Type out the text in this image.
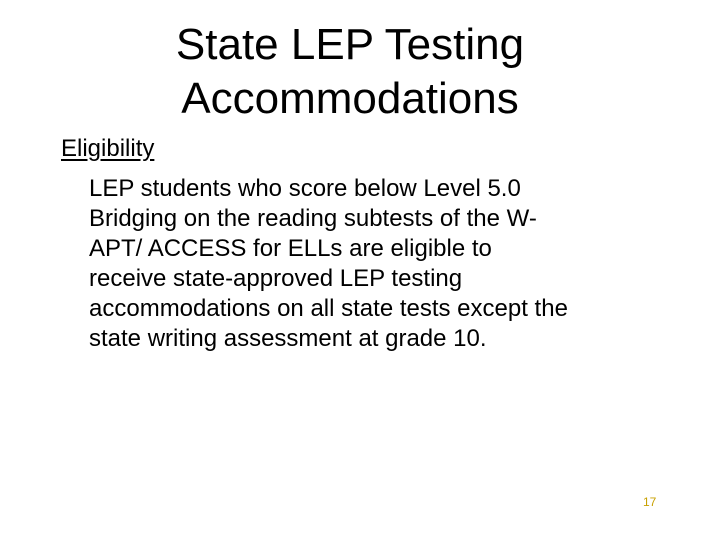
State LEP Testing
Accommodations
Eligibility
LEP students who score below Level 5.0
Bridging on the reading subtests of the W-
APT/ ACCESS for ELLs are eligible to
receive state-approved LEP testing
accommodations on all state tests except the
state writing assessment at grade 10.
17
